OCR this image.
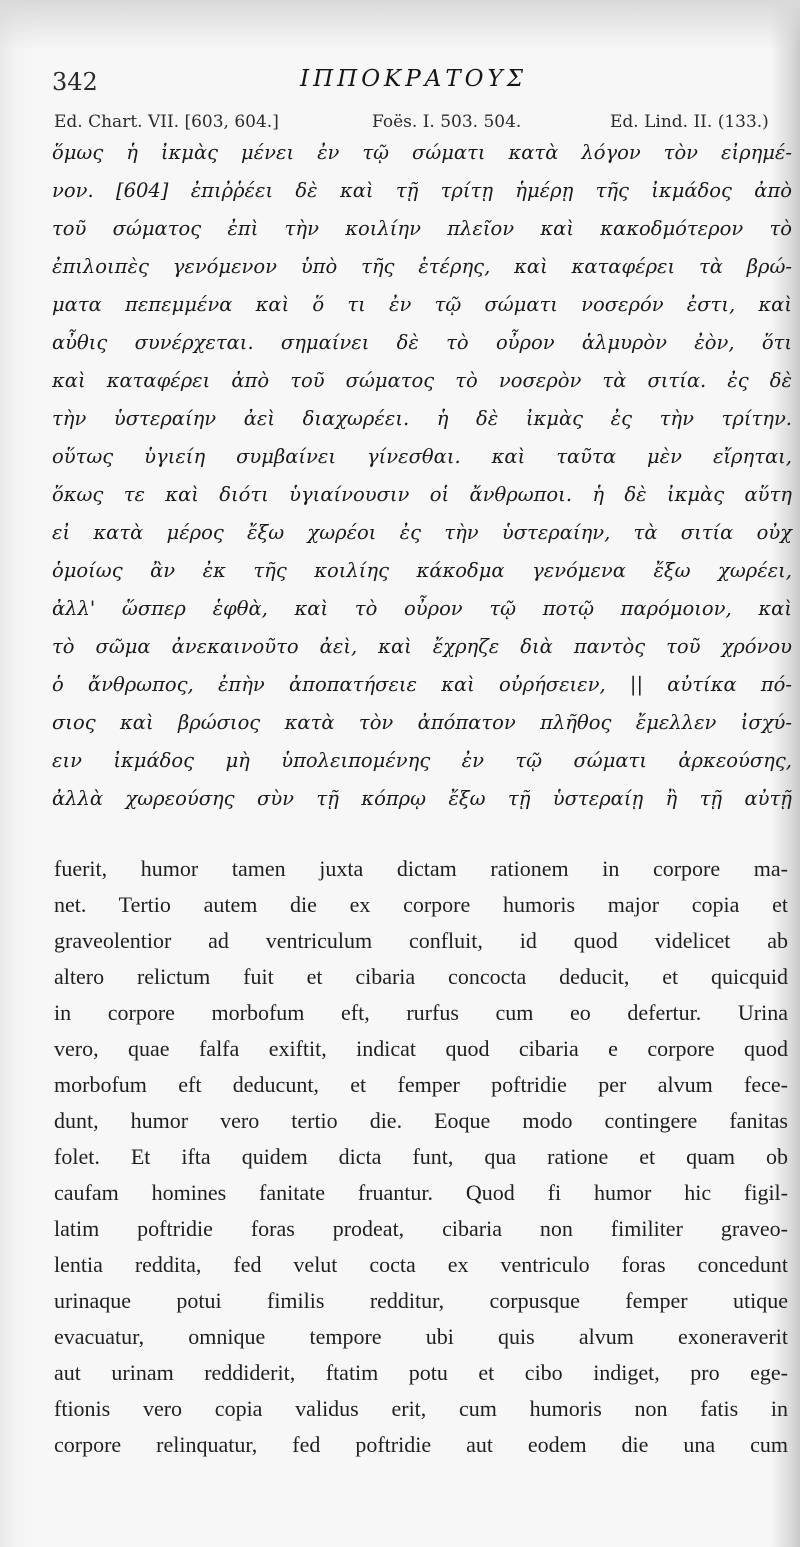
342	ΙΠΠΟΚΡΑΤΟΥΣ
Ed. Chart. VII. [603, 604.]	Foës. I. 503. 504.	Ed. Lind. II. (133.)
ὅμως ἡ ἰκμὰς μένει ἐν τῷ σώματι κατὰ λόγον τὸν εἰρημέ-
νον. [604] ἐπιῤῥέει δὲ καὶ τῇ τρίτῃ ἡμέρῃ τῆς ἰκμάδος ἀπὸ
τοῦ σώματος ἐπὶ τὴν κοιλίην πλεῖον καὶ κακοδμότερον τὸ
ἐπιλοιπὲς γενόμενον ὑπὸ τῆς ἑτέρης, καὶ καταφέρει τὰ βρώ-
ματα πεπεμμένα καὶ ὅ τι ἐν τῷ σώματι νοσερόν ἐστι, καὶ
αὖθις συνέρχεται. σημαίνει δὲ τὸ οὖρον ἁλμυρὸν ἐὸν, ὅτι
καὶ καταφέρει ἀπὸ τοῦ σώματος τὸ νοσερὸν τὰ σιτία. ἐς δὲ
τὴν ὑστεραίην ἀεὶ διαχωρέει. ἡ δὲ ἰκμὰς ἐς τὴν τρίτην.
οὕτως ὑγιείη συμβαίνει γίνεσθαι. καὶ ταῦτα μὲν εἴρηται,
ὅκως τε καὶ διότι ὑγιαίνουσιν οἱ ἄνθρωποι. ἡ δὲ ἰκμὰς αὕτη
εἰ κατὰ μέρος ἔξω χωρέοι ἐς τὴν ὑστεραίην, τὰ σιτία οὐχ
ὁμοίως ἂν ἐκ τῆς κοιλίης κάκοδμα γενόμενα ἔξω χωρέει,
ἀλλ' ὥσπερ ἑφθὰ, καὶ τὸ οὖρον τῷ ποτῷ παρόμοιον, καὶ
τὸ σῶμα ἀνεκαινοῦτο ἀεὶ, καὶ ἔχρηζε διὰ παντὸς τοῦ χρόνου
ὁ ἄνθρωπος, ἐπὴν ἀποπατήσειε καὶ οὐρήσειεν, || αὐτίκα πό-
σιος καὶ βρώσιος κατὰ τὸν ἀπόπατον πλῆθος ἔμελλεν ἰσχύ-
ειν ἰκμάδος μὴ ὑπολειπομένης ἐν τῷ σώματι ἀρκεούσης,
ἀλλὰ χωρεούσης σὺν τῇ κόπρῳ ἔξω τῇ ὑστεραίῃ ἢ τῇ αὐτῇ
fuerit, humor tamen juxta dictam rationem in corpore ma-
net. Tertio autem die ex corpore humoris major copia et
graveolentior ad ventriculum confluit, id quod videlicet ab
altero relictum fuit et cibaria concocta deducit, et quicquid
in corpore morbofum eft, rurfus cum eo defertur. Urina
vero, quae falfa exiftit, indicat quod cibaria e corpore quod
morbofum eft deducunt, et femper poftridie per alvum fece-
dunt, humor vero tertio die. Eoque modo contingere fanitas
folet. Et ifta quidem dicta funt, qua ratione et quam ob
caufam homines fanitate fruantur. Quod fi humor hic figil-
latim poftridie foras prodeat, cibaria non fimiliter graveo-
lentia reddita, fed velut cocta ex ventriculo foras concedunt
urinaque potui fimilis redditur, corpusque femper utique
evacuatur, omnique tempore ubi quis alvum exoneraverit
aut urinam reddiderit, ftatim potu et cibo indiget, pro ege-
ftionis vero copia validus erit, cum humoris non fatis in
corpore relinquatur, fed poftridie aut eodem die una cum
